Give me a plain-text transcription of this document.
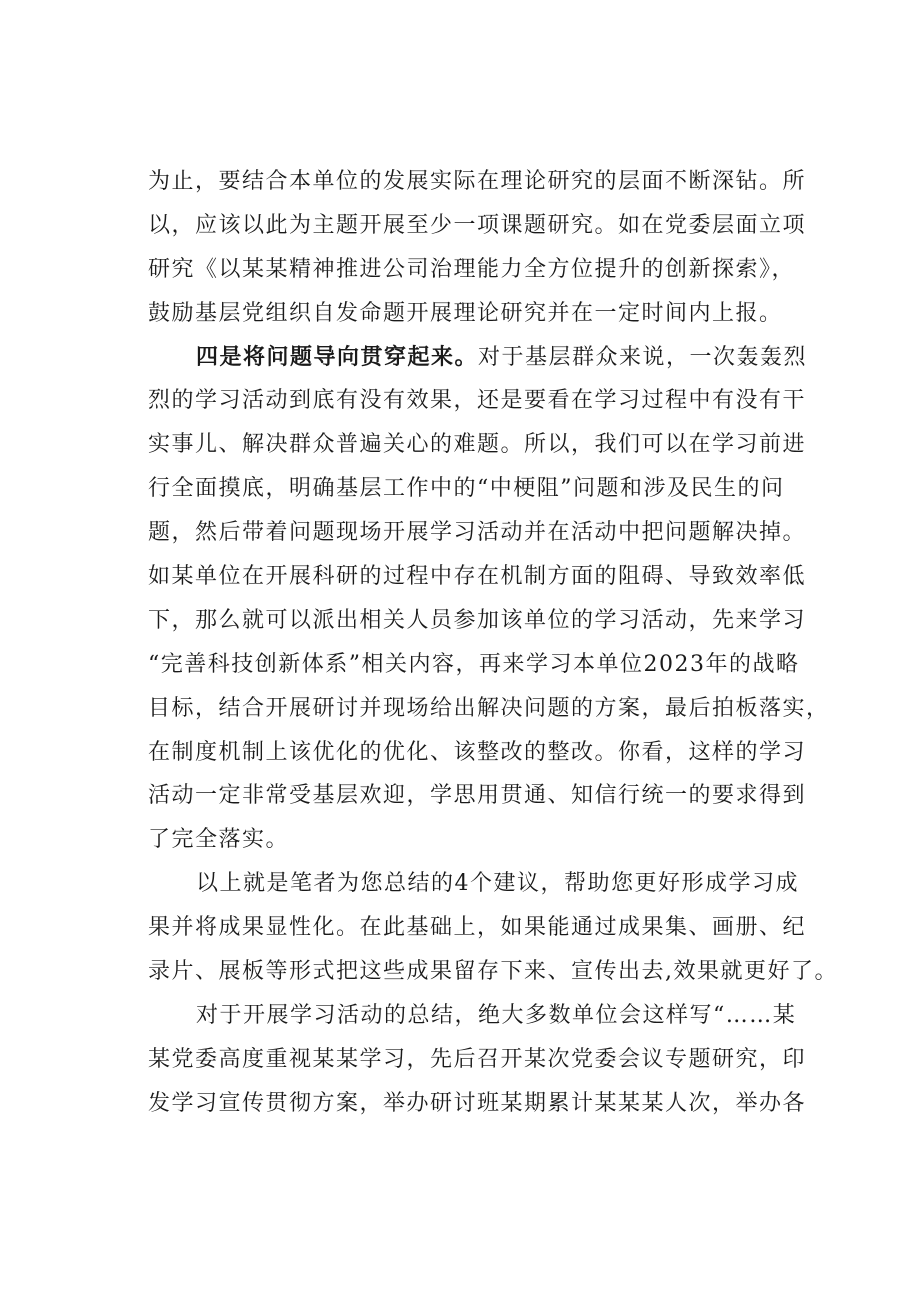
为止，要结合本单位的发展实际在理论研究的层面不断深钻。所
以，应该以此为主题开展至少一项课题研究。如在党委层面立项
研究《以某某精神推进公司治理能力全方位提升的创新探索》，
鼓励基层党组织自发命题开展理论研究并在一定时间内上报。
四是将问题导向贯穿起来。对于基层群众来说，一次轰轰烈
烈的学习活动到底有没有效果，还是要看在学习过程中有没有干
实事儿、解决群众普遍关心的难题。所以，我们可以在学习前进
行全面摸底，明确基层工作中的“中梗阻”问题和涉及民生的问
题，然后带着问题现场开展学习活动并在活动中把问题解决掉。
如某单位在开展科研的过程中存在机制方面的阻碍、导致效率低
下，那么就可以派出相关人员参加该单位的学习活动，先来学习
“完善科技创新体系”相关内容，再来学习本单位2023年的战略
目标，结合开展研讨并现场给出解决问题的方案，最后拍板落实，
在制度机制上该优化的优化、该整改的整改。你看，这样的学习
活动一定非常受基层欢迎，学思用贯通、知信行统一的要求得到
了完全落实。
以上就是笔者为您总结的4个建议，帮助您更好形成学习成
果并将成果显性化。在此基础上，如果能通过成果集、画册、纪
录片、展板等形式把这些成果留存下来、宣传出去,效果就更好了。
对于开展学习活动的总结，绝大多数单位会这样写“……某
某党委高度重视某某学习，先后召开某次党委会议专题研究，印
发学习宣传贯彻方案，举办研讨班某期累计某某某人次，举办各
